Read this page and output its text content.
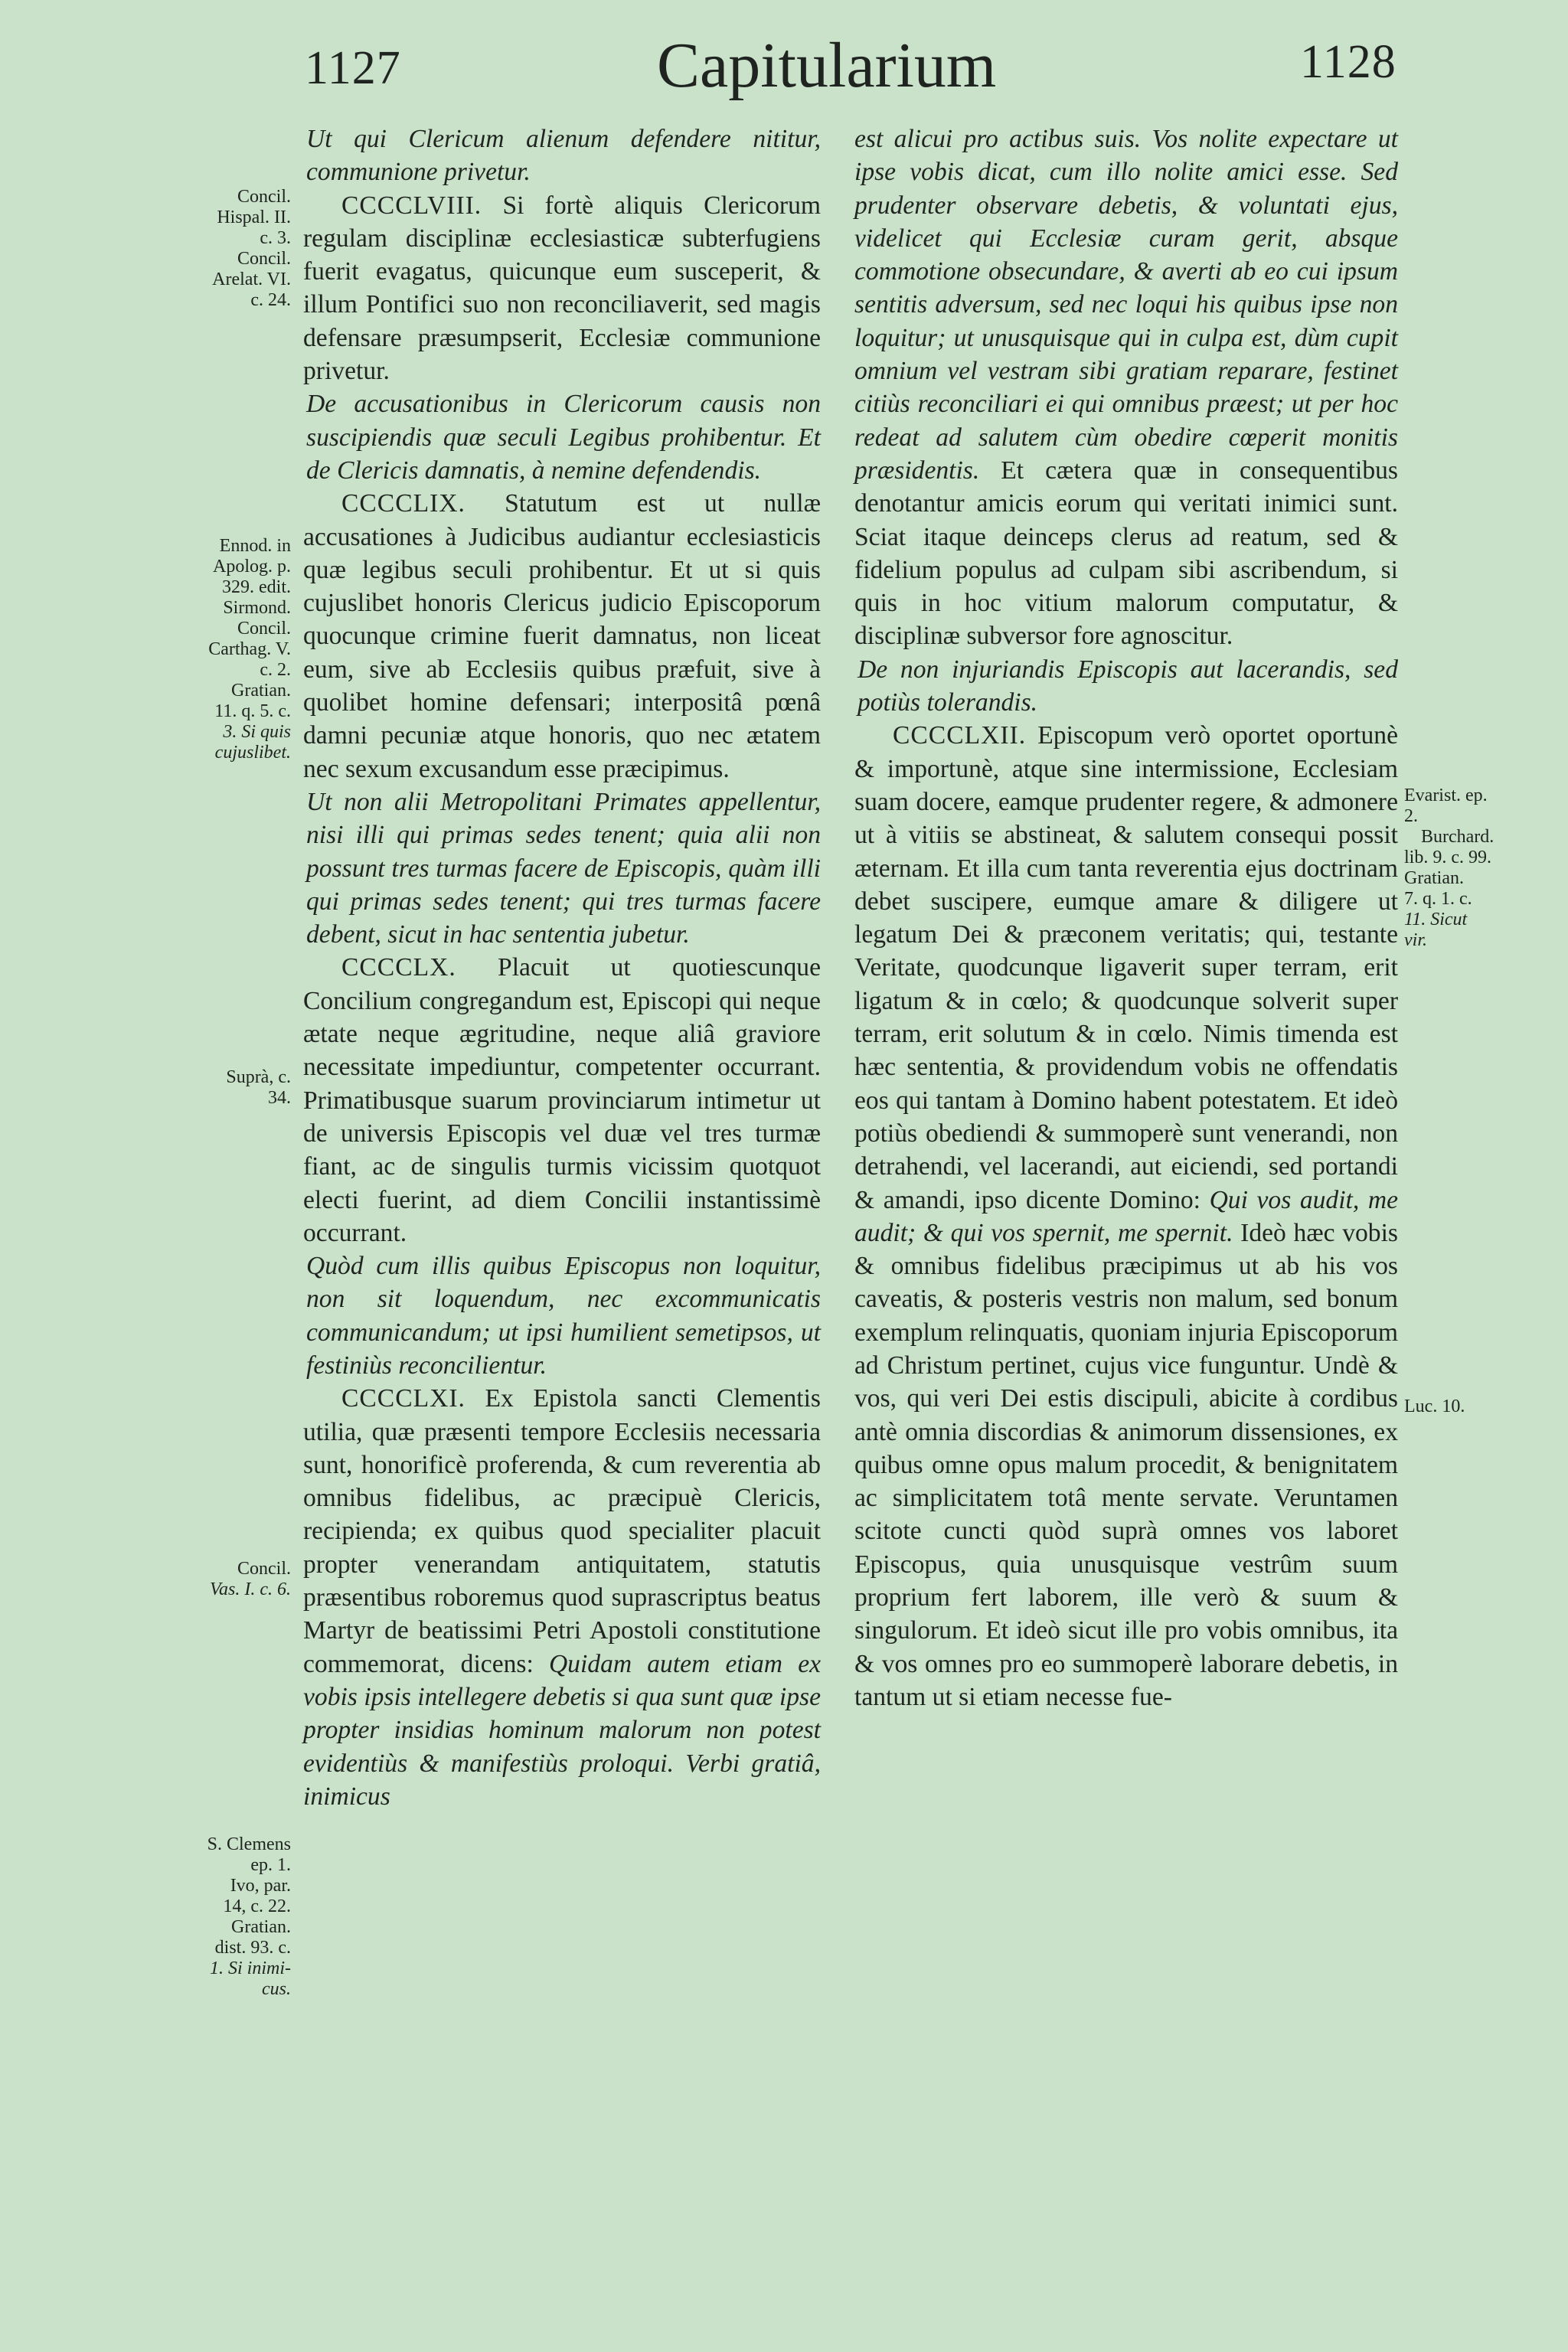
1127	Capitularium	1128

Ut qui Clericum alienum defendere nititur, communione privetur.

CCCCLVIII. Si fortè aliquis Clericorum regulam disciplinæ ecclesiasticæ subterfugiens fuerit evagatus, quicunque eum susceperit, & illum Pontifici suo non reconciliaverit, sed magis defensare præsumpserit, Ecclesiæ communione privetur.

De accusationibus in Clericorum causis non suscipiendis quæ seculi Legibus prohibentur. Et de Clericis damnatis, à nemine defendendis.

CCCCLIX. Statutum est ut nullæ accusationes à Judicibus audiantur ecclesiasticis quæ legibus seculi prohibentur. Et ut si quis cujuslibet honoris Clericus judicio Episcoporum quocunque crimine fuerit damnatus, non liceat eum, sive ab Ecclesiis quibus præfuit, sive à quolibet homine defensari; interpositâ pœnâ damni pecuniæ atque honoris, quo nec ætatem nec sexum excusandum esse præcipimus.

Ut non alii Metropolitani Primates appellentur, nisi illi qui primas sedes tenent; quia alii non possunt tres turmas facere de Episcopis, quàm illi qui primas sedes tenent; qui tres turmas facere debent, sicut in hac sententia jubetur.

CCCCLX. Placuit ut quotiescunque Concilium congregandum est, Episcopi qui neque ætate neque ægritudine, neque aliâ graviore necessitate impediuntur, competenter occurrant. Primatibusque suarum provinciarum intimetur ut de universis Episcopis vel duæ vel tres turmæ fiant, ac de singulis turmis vicissim quotquot electi fuerint, ad diem Concilii instantissimè occurrant.

Quòd cum illis quibus Episcopus non loquitur, non sit loquendum, nec excommunicatis communicandum; ut ipsi humilient semetipsos, ut festiniùs reconcilientur.

CCCCLXI. Ex Epistola sancti Clementis utilia, quæ præsenti tempore Ecclesiis necessaria sunt, honorificè proferenda, & cum reverentia ab omnibus fidelibus, ac præcipuè Clericis, recipienda; ex quibus quod specialiter placuit propter venerandam antiquitatem, statutis præsentibus roboremus quod suprascriptus beatus Martyr de beatissimi Petri Apostoli constitutione commemorat, dicens: Quidam autem etiam ex vobis ipsis intellegere debetis si qua sunt quæ ipse propter insidias hominum malorum non potest evidentiùs & manifestiùs proloqui. Verbi gratiâ, inimicus

est alicui pro actibus suis. Vos nolite expectare ut ipse vobis dicat, cum illo nolite amici esse. Sed prudenter observare debetis, & voluntati ejus, videlicet qui Ecclesiæ curam gerit, absque commotione obsecundare, & averti ab eo cui ipsum sentitis adversum, sed nec loqui his quibus ipse non loquitur; ut unusquisque qui in culpa est, dùm cupit omnium vel vestram sibi gratiam reparare, festinet citiùs reconciliari ei qui omnibus præest; ut per hoc redeat ad salutem cùm obedire cœperit monitis præsidentis. Et cætera quæ in consequentibus denotantur amicis eorum qui veritati inimici sunt. Sciat itaque deinceps clerus ad reatum, sed & fidelium populus ad culpam sibi ascribendum, si quis in hoc vitium malorum computatur, & disciplinæ subversor fore agnoscitur.

De non injuriandis Episcopis aut lacerandis, sed potiùs tolerandis.

CCCCLXII. Episcopum verò oportet oportunè & importunè, atque sine intermissione, Ecclesiam suam docere, eamque prudenter regere, & admonere ut à vitiis se abstineat, & salutem consequi possit æternam. Et illa cum tanta reverentia ejus doctrinam debet suscipere, eumque amare & diligere ut legatum Dei & præconem veritatis; qui, testante Veritate, quodcunque ligaverit super terram, erit ligatum & in cœlo; & quodcunque solverit super terram, erit solutum & in cœlo. Nimis timenda est hæc sententia, & providendum vobis ne offendatis eos qui tantam à Domino habent potestatem. Et ideò potiùs obediendi & summoperè sunt venerandi, non detrahendi, vel lacerandi, aut eiciendi, sed portandi & amandi, ipso dicente Domino: Qui vos audit, me audit; & qui vos spernit, me spernit. Ideò hæc vobis & omnibus fidelibus præcipimus ut ab his vos caveatis, & posteris vestris non malum, sed bonum exemplum relinquatis, quoniam injuria Episcoporum ad Christum pertinet, cujus vice funguntur. Undè & vos, qui veri Dei estis discipuli, abicite à cordibus antè omnia discordias & animorum dissensiones, ex quibus omne opus malum procedit, & benignitatem ac simplicitatem totâ mente servate. Veruntamen scitote cuncti quòd suprà omnes vos laboret Episcopus, quia unusquisque vestrûm suum proprium fert laborem, ille verò & suum & singulorum. Et ideò sicut ille pro vobis omnibus, ita & vos omnes pro eo summoperè laborare debetis, in tantum ut si etiam necesse fue-

Concil.
Hispal. II.
c. 3.
Concil.
Arelat. VI.
c. 24.
Ennod. in
Apolog. p.
329. edit.
Sirmond.
Concil.
Carthag. V.
c. 2.
Gratian.
11. q. 5. c.
3. Si quis
cujuslibet.
Suprà, c.
34.
Concil.
Vas. I. c. 6.
S. Clemens
ep. 1.
Ivo, par.
14, c. 22.
Gratian.
dist. 93. c.
1. Si inimi-
cus.
Evarist. ep.
2.
Burchard.
lib. 9. c. 99.
Gratian.
7. q. 1. c.
11. Sicut
vir.
Luc. 10.
